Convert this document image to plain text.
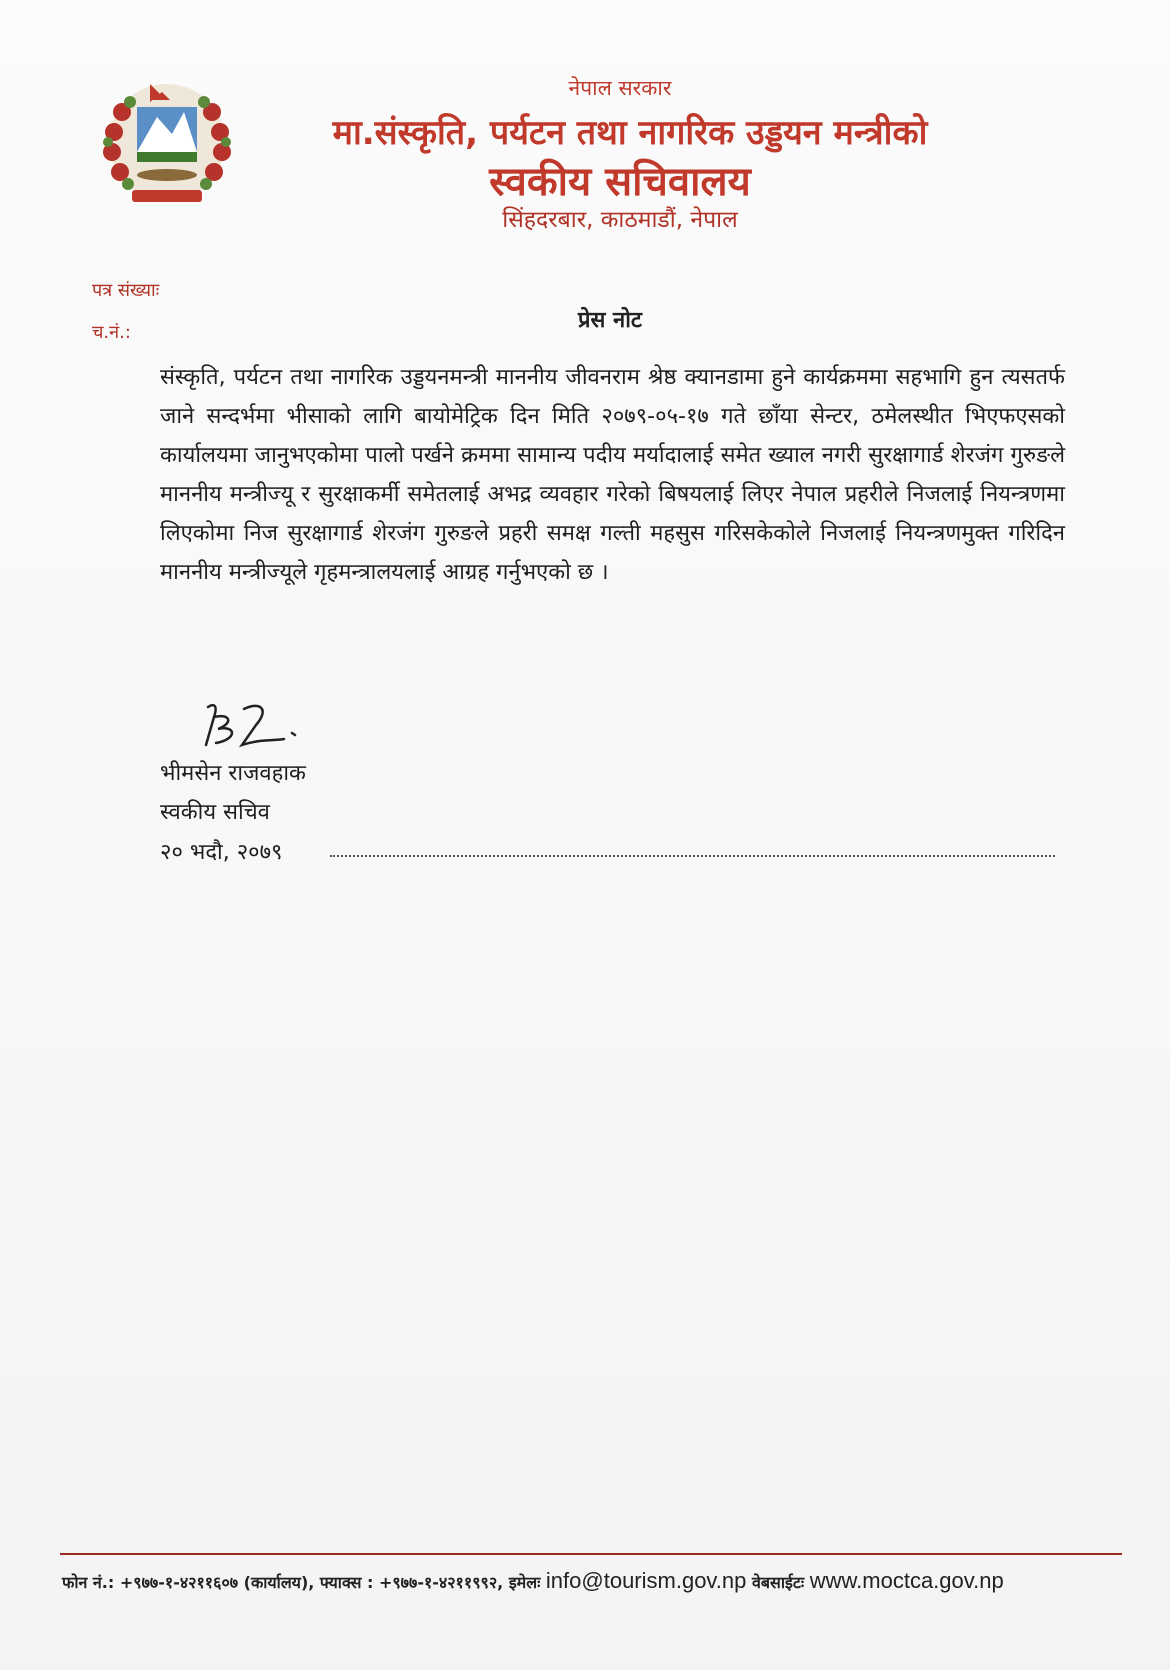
नेपाल सरकार
मा.संस्कृति, पर्यटन तथा नागरिक उड्डयन मन्त्रीको
स्वकीय सचिवालय
सिंहदरबार, काठमाडौं, नेपाल
पत्र संख्याः
च.नं.:	प्रेस नोट
संस्कृति, पर्यटन तथा नागरिक उड्डयनमन्त्री माननीय जीवनराम श्रेष्ठ क्यानडामा हुने कार्यक्रममा सहभागि हुन त्यसतर्फ जाने सन्दर्भमा भीसाको लागि बायोमेट्रिक दिन मिति २०७९-०५-१७ गते छाँया सेन्टर, ठमेलस्थीत भिएफएसको कार्यालयमा जानुभएकोमा पालो पर्खने क्रममा सामान्य पदीय मर्यादालाई समेत ख्याल नगरी सुरक्षागार्ड शेरजंग गुरुङले माननीय मन्त्रीज्यू र सुरक्षाकर्मी समेतलाई अभद्र व्यवहार गरेको बिषयलाई लिएर नेपाल प्रहरीले निजलाई नियन्त्रणमा लिएकोमा निज सुरक्षागार्ड शेरजंग गुरुङले प्रहरी समक्ष गल्ती महसुस गरिसकेकोले निजलाई नियन्त्रणमुक्त गरिदिन माननीय मन्त्रीज्यूले गृहमन्त्रालयलाई आग्रह गर्नुभएको छ ।
भीमसेन राजवहाक
स्वकीय सचिव
२० भदौ, २०७९
फोन नं.: +९७७-१-४२११६०७ (कार्यालय), फ्याक्स : +९७७-१-४२११९९२, इमेलः info@tourism.gov.np वेबसाईटः www.moctca.gov.np
